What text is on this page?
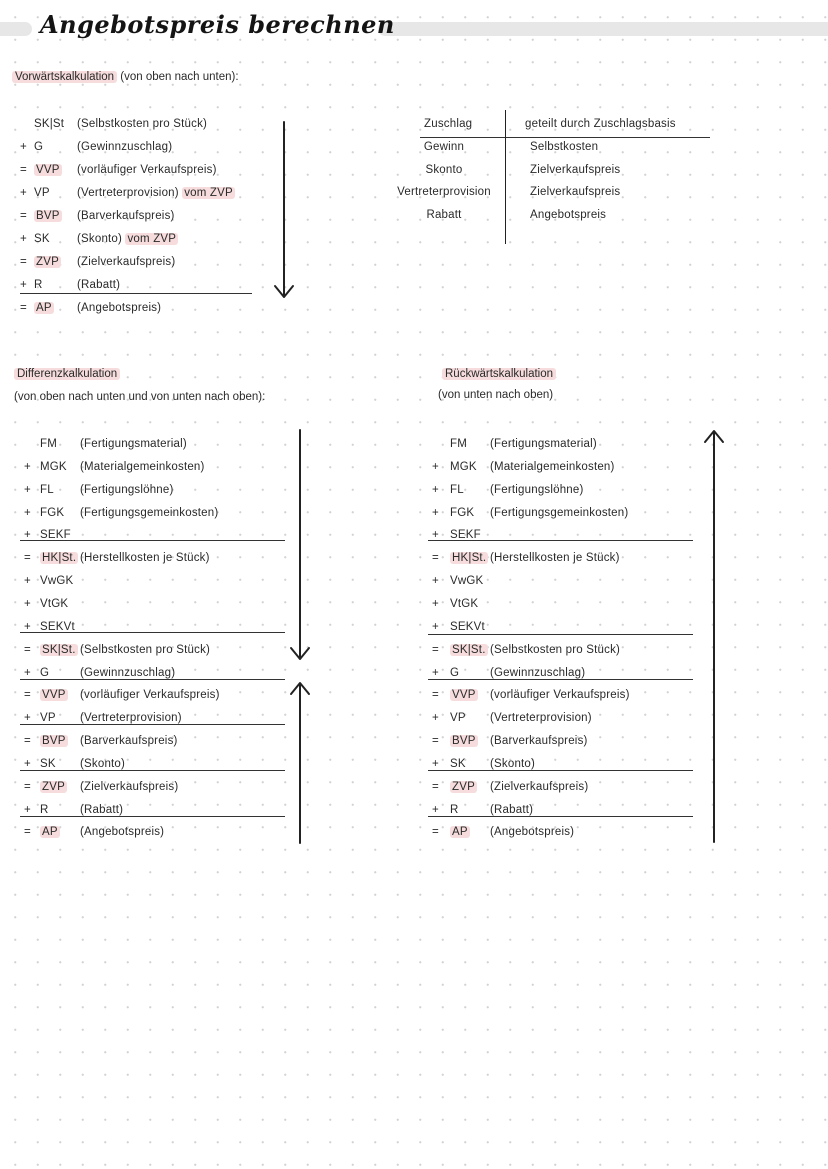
Angebotspreis berechnen
Vorwärtskalkulation (von oben nach unten):
SK|St (Selbstkosten pro Stück)
+ G	(Gewinnzuschlag)
= VVP (vorläufiger Verkaufspreis)
+ VP (Vertreterprovision) vom ZVP
= BVP (Barverkaufspreis)
+ SK (Skonto) vom ZVP
= ZVP (Zielverkaufspreis)
+ R	(Rabatt)
= AP (Angebotspreis)
Zuschlag	geteilt durch Zuschlagsbasis
Gewinn	Selbstkosten
Skonto	Zielverkaufspreis
Vertreterprovision	Zielverkaufspreis
Rabatt	Angebotspreis
Differenzkalkulation
(von oben nach unten und von unten nach oben):
FM (Fertigungsmaterial)
+ MGK (Materialgemeinkosten)
+ FL (Fertigungslöhne)
+ FGK (Fertigungsgemeinkosten)
+ SEKF
= HK|St. (Herstellkosten je Stück)
+ VwGK
+ VtGK
+ SEKVt
= SK|St. (Selbstkosten pro Stück)
+ G	(Gewinnzuschlag)
= VVP (vorläufiger Verkaufspreis)
+ VP (Vertreterprovision)
= BVP (Barverkaufspreis)
+ SK (Skonto)
= ZVP (Zielverkaufspreis)
+ R	(Rabatt)
= AP (Angebotspreis)
Rückwärtskalkulation
(von unten nach oben)
FM (Fertigungsmaterial)
+ MGK (Materialgemeinkosten)
+ FL (Fertigungslöhne)
+ FGK (Fertigungsgemeinkosten)
+ SEKF
= HK|St. (Herstellkosten je Stück)
+ VwGK
+ VtGK
+ SEKVt
= SK|St. (Selbstkosten pro Stück)
+ G	(Gewinnzuschlag)
= VVP (vorläufiger Verkaufspreis)
+ VP (Vertreterprovision)
= BVP (Barverkaufspreis)
+ SK (Skonto)
= ZVP (Zielverkaufspreis)
+ R	(Rabatt)
= AP (Angebotspreis)
